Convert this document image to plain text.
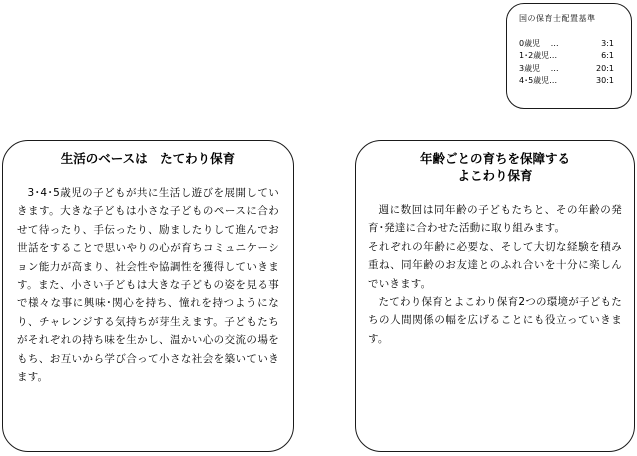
国の保育士配置基準
0歳児　 …	3:1
1･2歳児…	6:1
3歳児　 …	20:1
4･5歳児…	30:1
生活のベースは　たてわり保育

3･4･5歳児の子どもが共に生活し遊びを展開していきます。大きな子どもは小さな子どものペースに合わせて待ったり、手伝ったり、励ましたりして進んでお世話をすることで思いやりの心が育ちコミュニケーション能力が高まり、社会性や協調性を獲得していきます。また、小さい子どもは大きな子どもの姿を見る事で様々な事に興味･関心を持ち、憧れを持つようになり、チャレンジする気持ちが芽生えます。子どもたちがそれぞれの持ち味を生かし、温かい心の交流の場をもち、お互いから学び合って小さな社会を築いていきます。

年齢ごとの育ちを保障する
よこわり保育

週に数回は同年齢の子どもたちと、その年齢の発育･発達に合わせた活動に取り組みます。

それぞれの年齢に必要な、そして大切な経験を積み重ね、同年齢のお友達とのふれ合いを十分に楽しんでいきます。

たてわり保育とよこわり保育2つの環境が子どもたちの人間関係の幅を広げることにも役立っていきます。
